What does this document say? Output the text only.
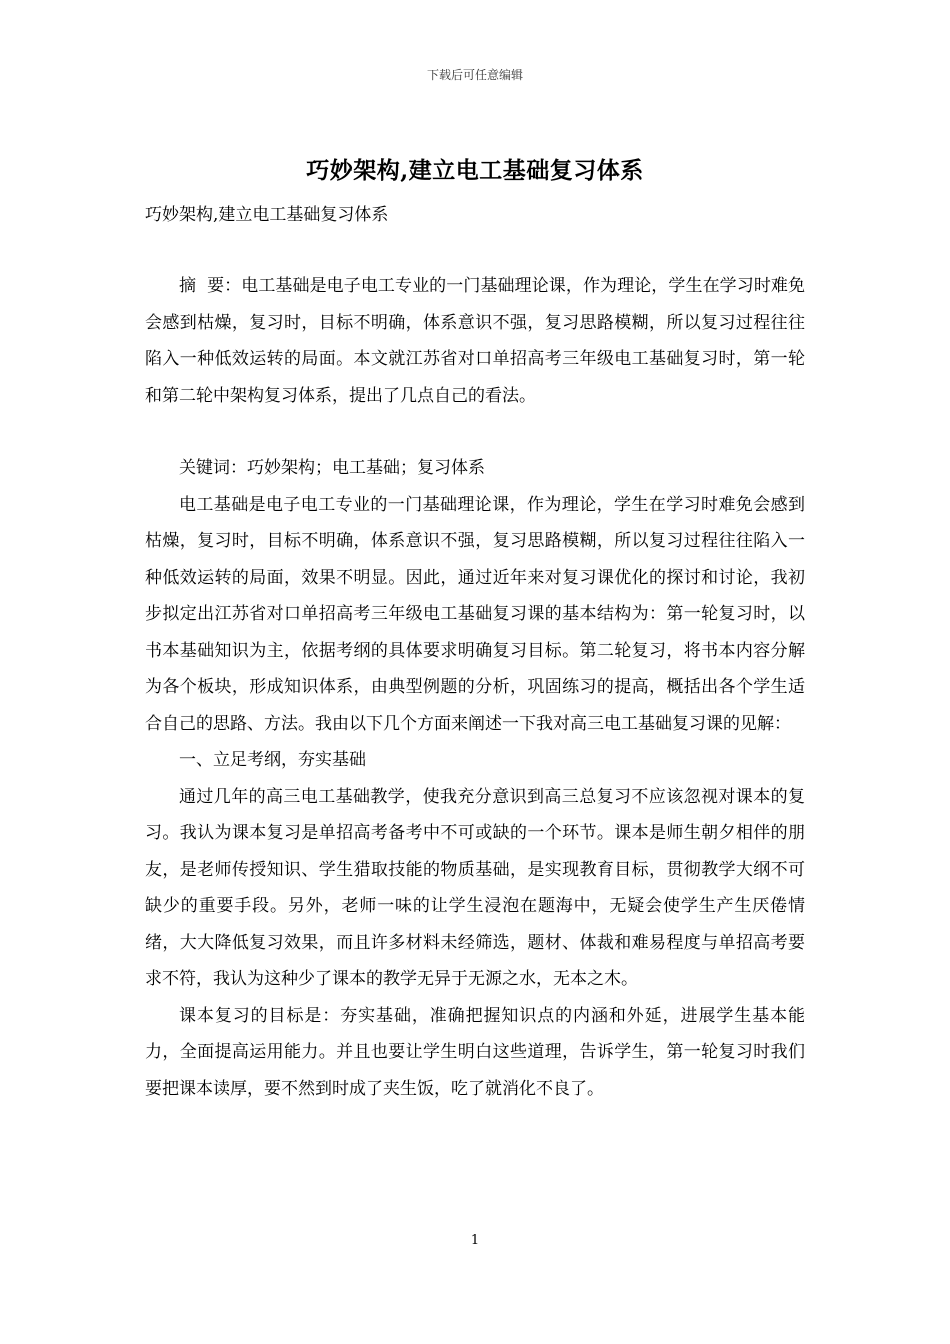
下载后可任意编辑
巧妙架构,建立电工基础复习体系
巧妙架构,建立电工基础复习体系

摘  要：电工基础是电子电工专业的一门基础理论课，作为理论，学生在学习时难免会感到枯燥，复习时，目标不明确，体系意识不强，复习思路模糊，所以复习过程往往陷入一种低效运转的局面。本文就江苏省对口单招高考三年级电工基础复习时，第一轮和第二轮中架构复习体系，提出了几点自己的看法。

关键词：巧妙架构；电工基础；复习体系

电工基础是电子电工专业的一门基础理论课，作为理论，学生在学习时难免会感到枯燥，复习时，目标不明确，体系意识不强，复习思路模糊，所以复习过程往往陷入一种低效运转的局面，效果不明显。因此，通过近年来对复习课优化的探讨和讨论，我初步拟定出江苏省对口单招高考三年级电工基础复习课的基本结构为：第一轮复习时，以书本基础知识为主，依据考纲的具体要求明确复习目标。第二轮复习，将书本内容分解为各个板块，形成知识体系，由典型例题的分析，巩固练习的提高，概括出各个学生适合自己的思路、方法。我由以下几个方面来阐述一下我对高三电工基础复习课的见解：

一、立足考纲，夯实基础

通过几年的高三电工基础教学，使我充分意识到高三总复习不应该忽视对课本的复习。我认为课本复习是单招高考备考中不可或缺的一个环节。课本是师生朝夕相伴的朋友，是老师传授知识、学生猎取技能的物质基础，是实现教育目标，贯彻教学大纲不可缺少的重要手段。另外，老师一味的让学生浸泡在题海中，无疑会使学生产生厌倦情绪，大大降低复习效果，而且许多材料未经筛选，题材、体裁和难易程度与单招高考要求不符，我认为这种少了课本的教学无异于无源之水，无本之木。

课本复习的目标是：夯实基础，准确把握知识点的内涵和外延，进展学生基本能力，全面提高运用能力。并且也要让学生明白这些道理，告诉学生，第一轮复习时我们要把课本读厚，要不然到时成了夹生饭，吃了就消化不良了。

1
